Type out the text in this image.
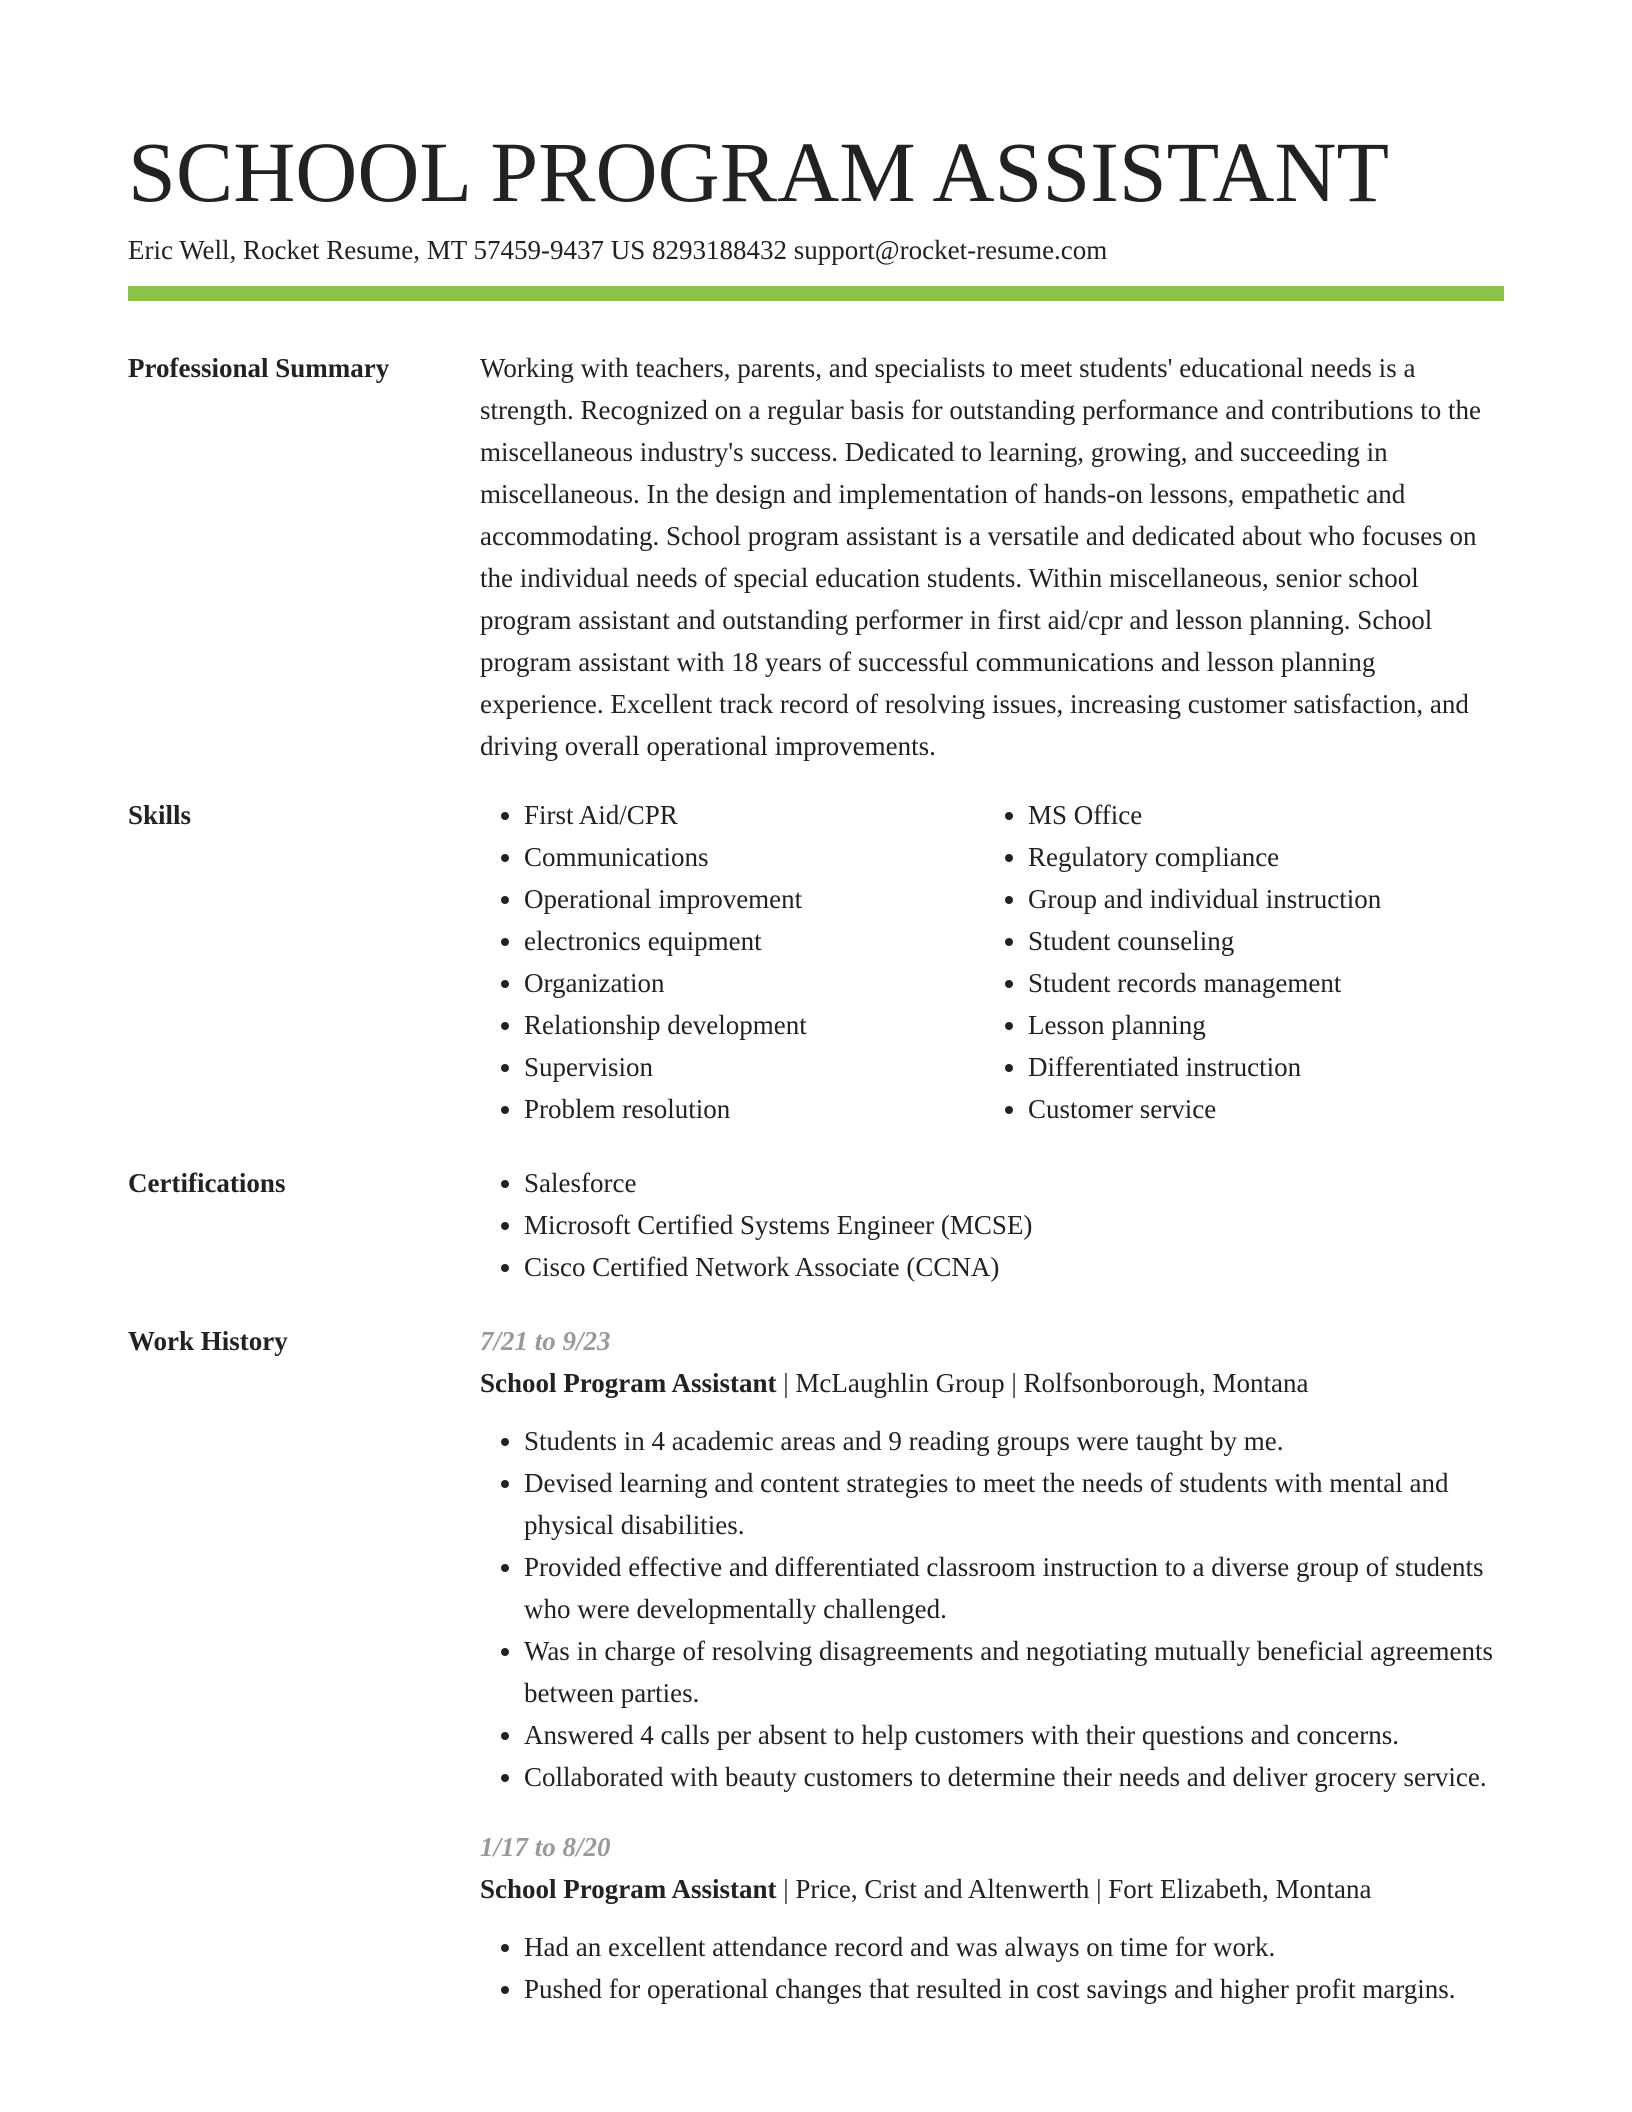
SCHOOL PROGRAM ASSISTANT
Eric Well, Rocket Resume, MT 57459-9437 US 8293188432 support@rocket-resume.com
Professional Summary	Working with teachers, parents, and specialists to meet students' educational needs is a strength. Recognized on a regular basis for outstanding performance and contributions to the miscellaneous industry's success. Dedicated to learning, growing, and succeeding in miscellaneous. In the design and implementation of hands-on lessons, empathetic and accommodating. School program assistant is a versatile and dedicated about who focuses on the individual needs of special education students. Within miscellaneous, senior school program assistant and outstanding performer in first aid/cpr and lesson planning. School program assistant with 18 years of successful communications and lesson planning experience. Excellent track record of resolving issues, increasing customer satisfaction, and driving overall operational improvements.

Skills	• First Aid/CPR
• Communications
• Operational improvement
• electronics equipment
• Organization
• Relationship development
• Supervision
• Problem resolution
• MS Office
• Regulatory compliance
• Group and individual instruction
• Student counseling
• Student records management
• Lesson planning
• Differentiated instruction
• Customer service
Certifications	• Salesforce
• Microsoft Certified Systems Engineer (MCSE)
• Cisco Certified Network Associate (CCNA)
Work History	7/21 to 9/23
School Program Assistant | McLaughlin Group | Rolfsonborough, Montana
• Students in 4 academic areas and 9 reading groups were taught by me.
• Devised learning and content strategies to meet the needs of students with mental and physical disabilities.
• Provided effective and differentiated classroom instruction to a diverse group of students who were developmentally challenged.
• Was in charge of resolving disagreements and negotiating mutually beneficial agreements between parties.
• Answered 4 calls per absent to help customers with their questions and concerns.
• Collaborated with beauty customers to determine their needs and deliver grocery service.
1/17 to 8/20
School Program Assistant | Price, Crist and Altenwerth | Fort Elizabeth, Montana
• Had an excellent attendance record and was always on time for work.
• Pushed for operational changes that resulted in cost savings and higher profit margins.
